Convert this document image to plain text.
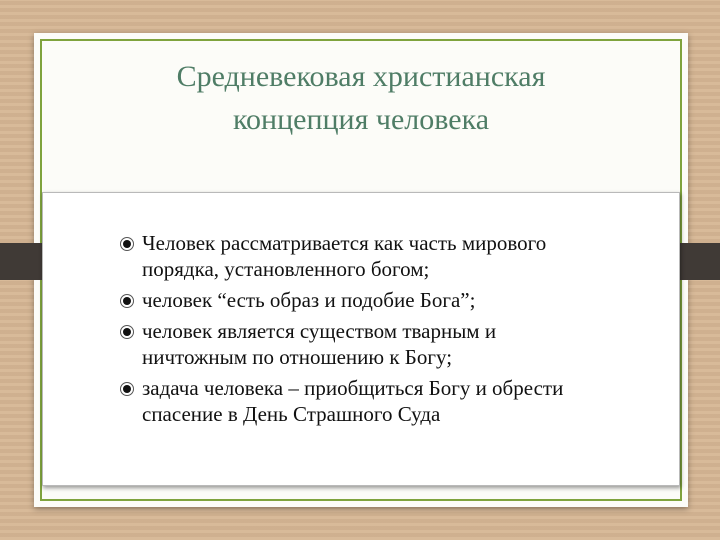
Средневековая христианская
концепция человека
Человек рассматривается как часть мирового
порядка, установленного богом;
человек “есть образ и подобие Бога”;
человек является существом тварным и
ничтожным по отношению к Богу;
задача человека – приобщиться Богу и обрести
спасение в День Страшного Суда
